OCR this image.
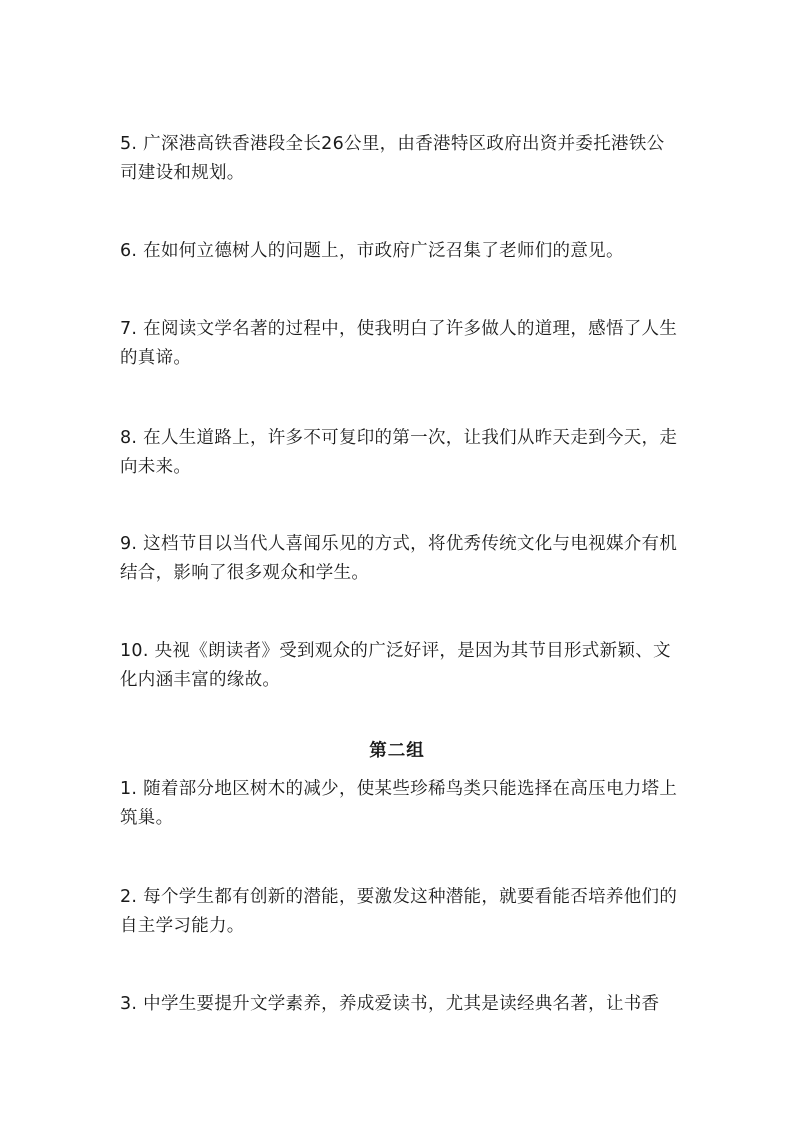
5. 广深港高铁香港段全长26公里，由香港特区政府出资并委托港铁公司建设和规划。

6. 在如何立德树人的问题上，市政府广泛召集了老师们的意见。

7. 在阅读文学名著的过程中，使我明白了许多做人的道理，感悟了人生的真谛。

8. 在人生道路上，许多不可复印的第一次，让我们从昨天走到今天，走向未来。

9. 这档节目以当代人喜闻乐见的方式，将优秀传统文化与电视媒介有机结合，影响了很多观众和学生。

10. 央视《朗读者》受到观众的广泛好评，是因为其节目形式新颖、文化内涵丰富的缘故。

第二组

1. 随着部分地区树木的减少，使某些珍稀鸟类只能选择在高压电力塔上筑巢。

2. 每个学生都有创新的潜能，要激发这种潜能，就要看能否培养他们的自主学习能力。

3. 中学生要提升文学素养，养成爱读书，尤其是读经典名著，让书香
